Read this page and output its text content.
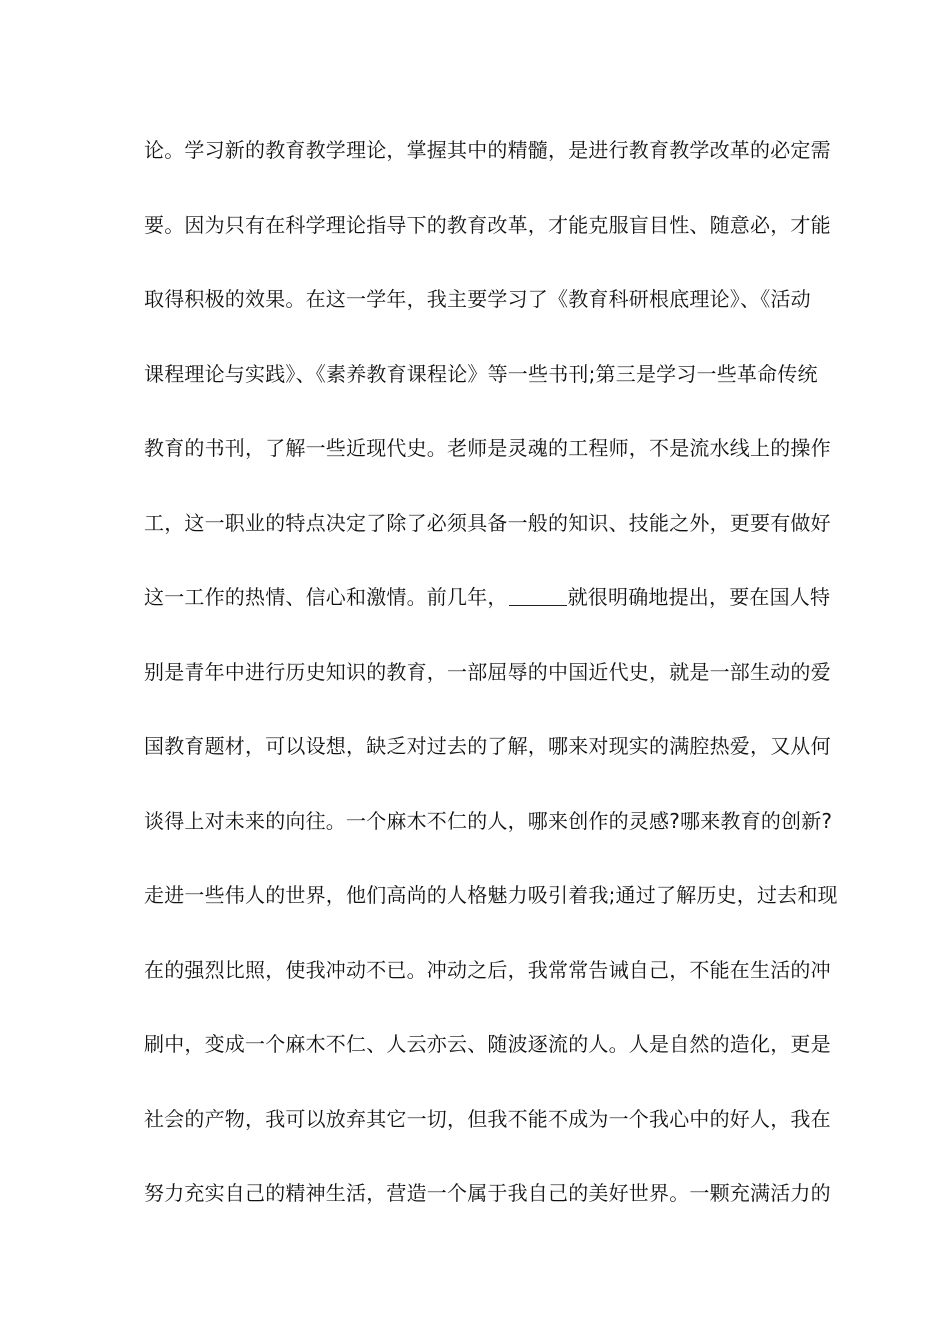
论。学习新的教育教学理论，掌握其中的精髓，是进行教育教学改革的必定需
要。因为只有在科学理论指导下的教育改革，才能克服盲目性、随意必，才能
取得积极的效果。在这一学年，我主要学习了《教育科研根底理论》、《活动
课程理论与实践》、《素养教育课程论》等一些书刊;第三是学习一些革命传统
教育的书刊，了解一些近现代史。老师是灵魂的工程师，不是流水线上的操作
工，这一职业的特点决定了除了必须具备一般的知识、技能之外，更要有做好
这一工作的热情、信心和激情。前几年，	就很明确地提出，要在国人特
别是青年中进行历史知识的教育，一部屈辱的中国近代史，就是一部生动的爱
国教育题材，可以设想，缺乏对过去的了解，哪来对现实的满腔热爱，又从何
谈得上对未来的向往。一个麻木不仁的人，哪来创作的灵感?哪来教育的创新?
走进一些伟人的世界，他们高尚的人格魅力吸引着我;通过了解历史，过去和现
在的强烈比照，使我冲动不已。冲动之后，我常常告诫自己，不能在生活的冲
刷中，变成一个麻木不仁、人云亦云、随波逐流的人。人是自然的造化，更是
社会的产物，我可以放弃其它一切，但我不能不成为一个我心中的好人，我在
努力充实自己的精神生活，营造一个属于我自己的美好世界。一颗充满活力的
